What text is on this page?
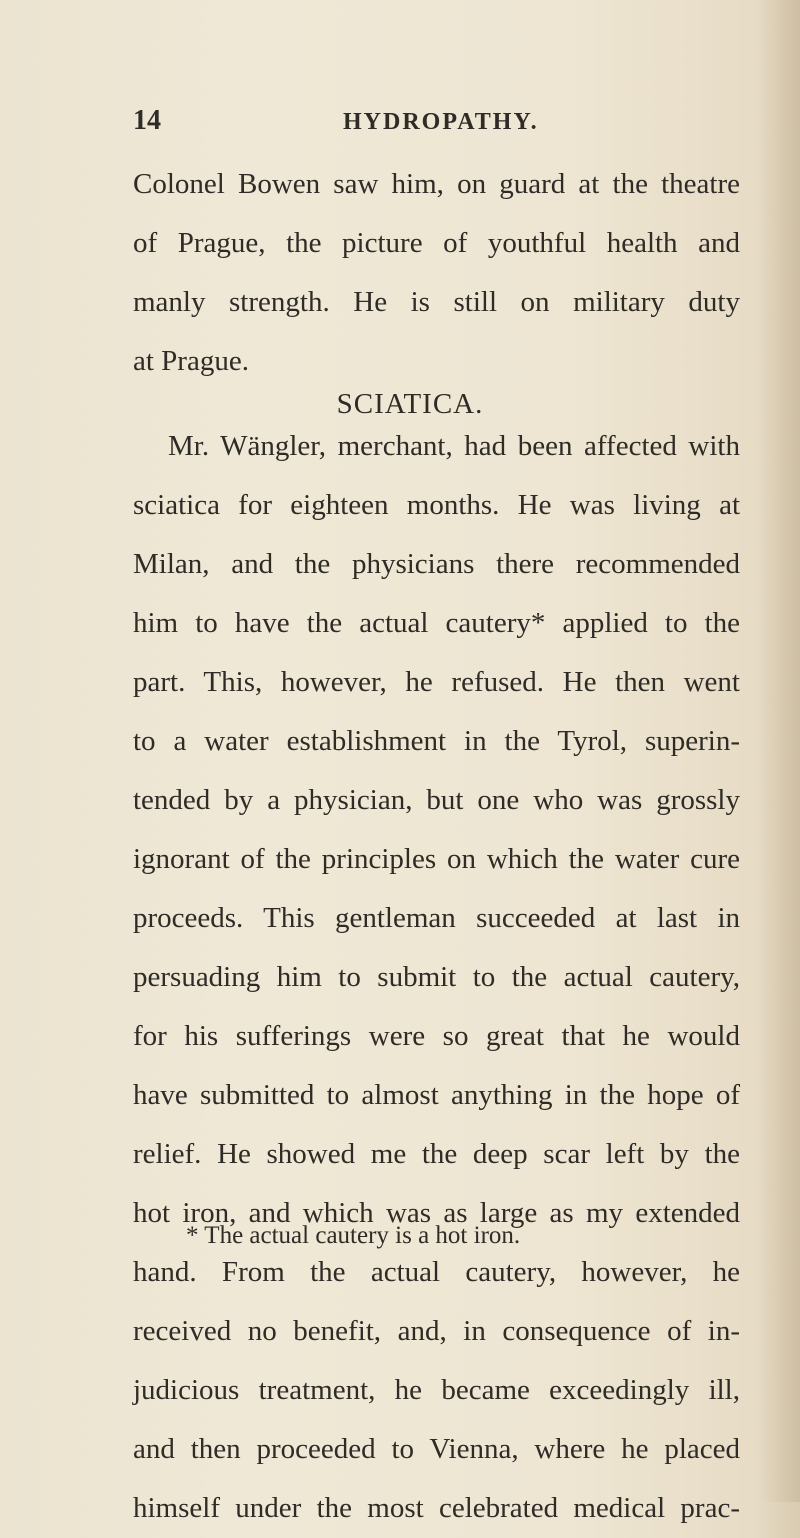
14	HYDROPATHY.
Colonel Bowen saw him, on guard at the theatre
of Prague, the picture of youthful health and
manly strength. He is still on military duty
at Prague.
SCIATICA.
Mr. Wängler, merchant, had been affected with
sciatica for eighteen months. He was living at
Milan, and the physicians there recommended
him to have the actual cautery* applied to the
part. This, however, he refused. He then went
to a water establishment in the Tyrol, superin-
tended by a physician, but one who was grossly
ignorant of the principles on which the water cure
proceeds. This gentleman succeeded at last in
persuading him to submit to the actual cautery,
for his sufferings were so great that he would
have submitted to almost anything in the hope of
relief. He showed me the deep scar left by the
hot iron, and which was as large as my extended
hand. From the actual cautery, however, he
received no benefit, and, in consequence of in-
judicious treatment, he became exceedingly ill,
and then proceeded to Vienna, where he placed
himself under the most celebrated medical prac-
* The actual cautery is a hot iron.
